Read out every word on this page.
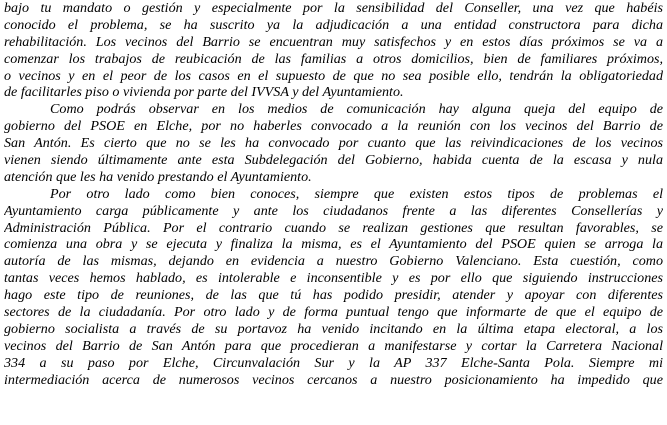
bajo tu mandato o gestión y especialmente por la sensibilidad del Conseller, una vez que habéis
conocido el problema, se ha suscrito ya la adjudicación a una entidad constructora para dicha
rehabilitación. Los vecinos del Barrio se encuentran muy satisfechos y en estos días próximos se va a
comenzar los trabajos de reubicación de las familias a otros domicilios, bien de familiares próximos,
o vecinos y en el peor de los casos en el supuesto de que no sea posible ello, tendrán la obligatoriedad
de facilitarles piso o vivienda por parte del IVVSA y del Ayuntamiento.
Como podrás observar en los medios de comunicación hay alguna queja del equipo de
gobierno del PSOE en Elche, por no haberles convocado a la reunión con los vecinos del Barrio de
San Antón. Es cierto que no se les ha convocado por cuanto que las reivindicaciones de los vecinos
vienen siendo últimamente ante esta Subdelegación del Gobierno, habida cuenta de la escasa y nula
atención que les ha venido prestando el Ayuntamiento.
Por otro lado como bien conoces, siempre que existen estos tipos de problemas el
Ayuntamiento carga públicamente y ante los ciudadanos frente a las diferentes Consellerías y
Administración Pública. Por el contrario cuando se realizan gestiones que resultan favorables, se
comienza una obra y se ejecuta y finaliza la misma, es el Ayuntamiento del PSOE quien se arroga la
autoría de las mismas, dejando en evidencia a nuestro Gobierno Valenciano. Esta cuestión, como
tantas veces hemos hablado, es intolerable e inconsentible y es por ello que siguiendo instrucciones
hago este tipo de reuniones, de las que tú has podido presidir, atender y apoyar con diferentes
sectores de la ciudadanía. Por otro lado y de forma puntual tengo que informarte de que el equipo de
gobierno socialista a través de su portavoz ha venido incitando en la última etapa electoral, a los
vecinos del Barrio de San Antón para que procedieran a manifestarse y cortar la Carretera Nacional
334 a su paso por Elche, Circunvalación Sur y la AP 337 Elche-Santa Pola. Siempre mi
intermediación acerca de numerosos vecinos cercanos a nuestro posicionamiento ha impedido que
